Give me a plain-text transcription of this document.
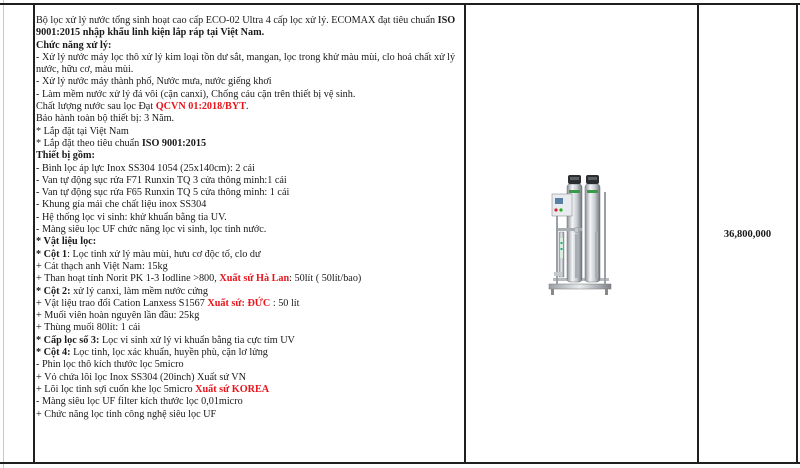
Bộ lọc xử lý nước tổng sinh hoạt cao cấp ECO-02 Ultra 4 cấp lọc xử lý. ECOMAX đạt tiêu chuẩn ISO 9001:2015 nhập khẩu linh kiện lắp ráp tại Việt Nam.
Chức năng xử lý:
- Xử lý nước máy lọc thô xử lý kim loại tồn dư sắt, mangan, lọc trong khử màu mùi, clo hoá chất xử lý nước, hữu cơ, màu mùi.
- Xử lý nước máy thành phố, Nước mưa, nước giếng khơi
- Làm mềm nước xử lý đá vôi (cặn canxi), Chống cáu cặn trên thiết bị vệ sinh.
Chất lượng nước sau lọc Đạt QCVN 01:2018/BYT.
Bảo hành toàn bộ thiết bị: 3 Năm.
* Lắp đặt tại Việt Nam
* Lắp đặt theo tiêu chuẩn ISO 9001:2015
Thiết bị gồm:
- Bình lọc áp lực Inox SS304 1054 (25x140cm): 2 cái
- Van tự động sục rửa F71 Runxin TQ 3 cửa thông minh:1 cái
- Van tự động sục rửa F65 Runxin TQ 5 cửa thông minh: 1 cái
- Khung gía mái che chất liệu inox SS304
- Hệ thống lọc vi sinh: khử khuẩn bằng tia UV.
- Màng siêu lọc UF chức năng lọc vi sinh, lọc tinh nước.
* Vật liệu lọc:
* Cột 1: Lọc tinh xử lý màu mùi, hưu cơ độc tố, clo dư
+ Cát thạch anh Việt Nam: 15kg
+ Than hoạt tính Norit PK 1-3 Iodline >800, Xuất sứ Hà Lan: 50lít ( 50lít/bao)
* Cột 2: xử lý canxi, làm mềm nước cứng
+ Vật liệu trao đổi Cation Lanxess S1567 Xuất sứ: ĐỨC : 50 lít
+ Muối viên hoàn nguyên lần đầu: 25kg
+ Thùng muối 80lít: 1 cái
* Cấp lọc số 3: Lọc vi sinh xử lý vi khuẩn bằng tia cực tím UV
* Cột 4: Lọc tinh, lọc xác khuẩn, huyền phù, cặn lơ lửng
- Phin lọc thô kích thước lọc 5micro
+ Vỏ chứa lõi lọc Inox SS304 (20inch) Xuất sứ VN
+ Lõi lọc tinh sợi cuốn khe lọc 5micro Xuất sứ KOREA
- Màng siêu lọc UF filter kích thước lọc 0,01micro
+ Chức năng lọc tinh công nghệ siêu lọc UF
36,800,000
